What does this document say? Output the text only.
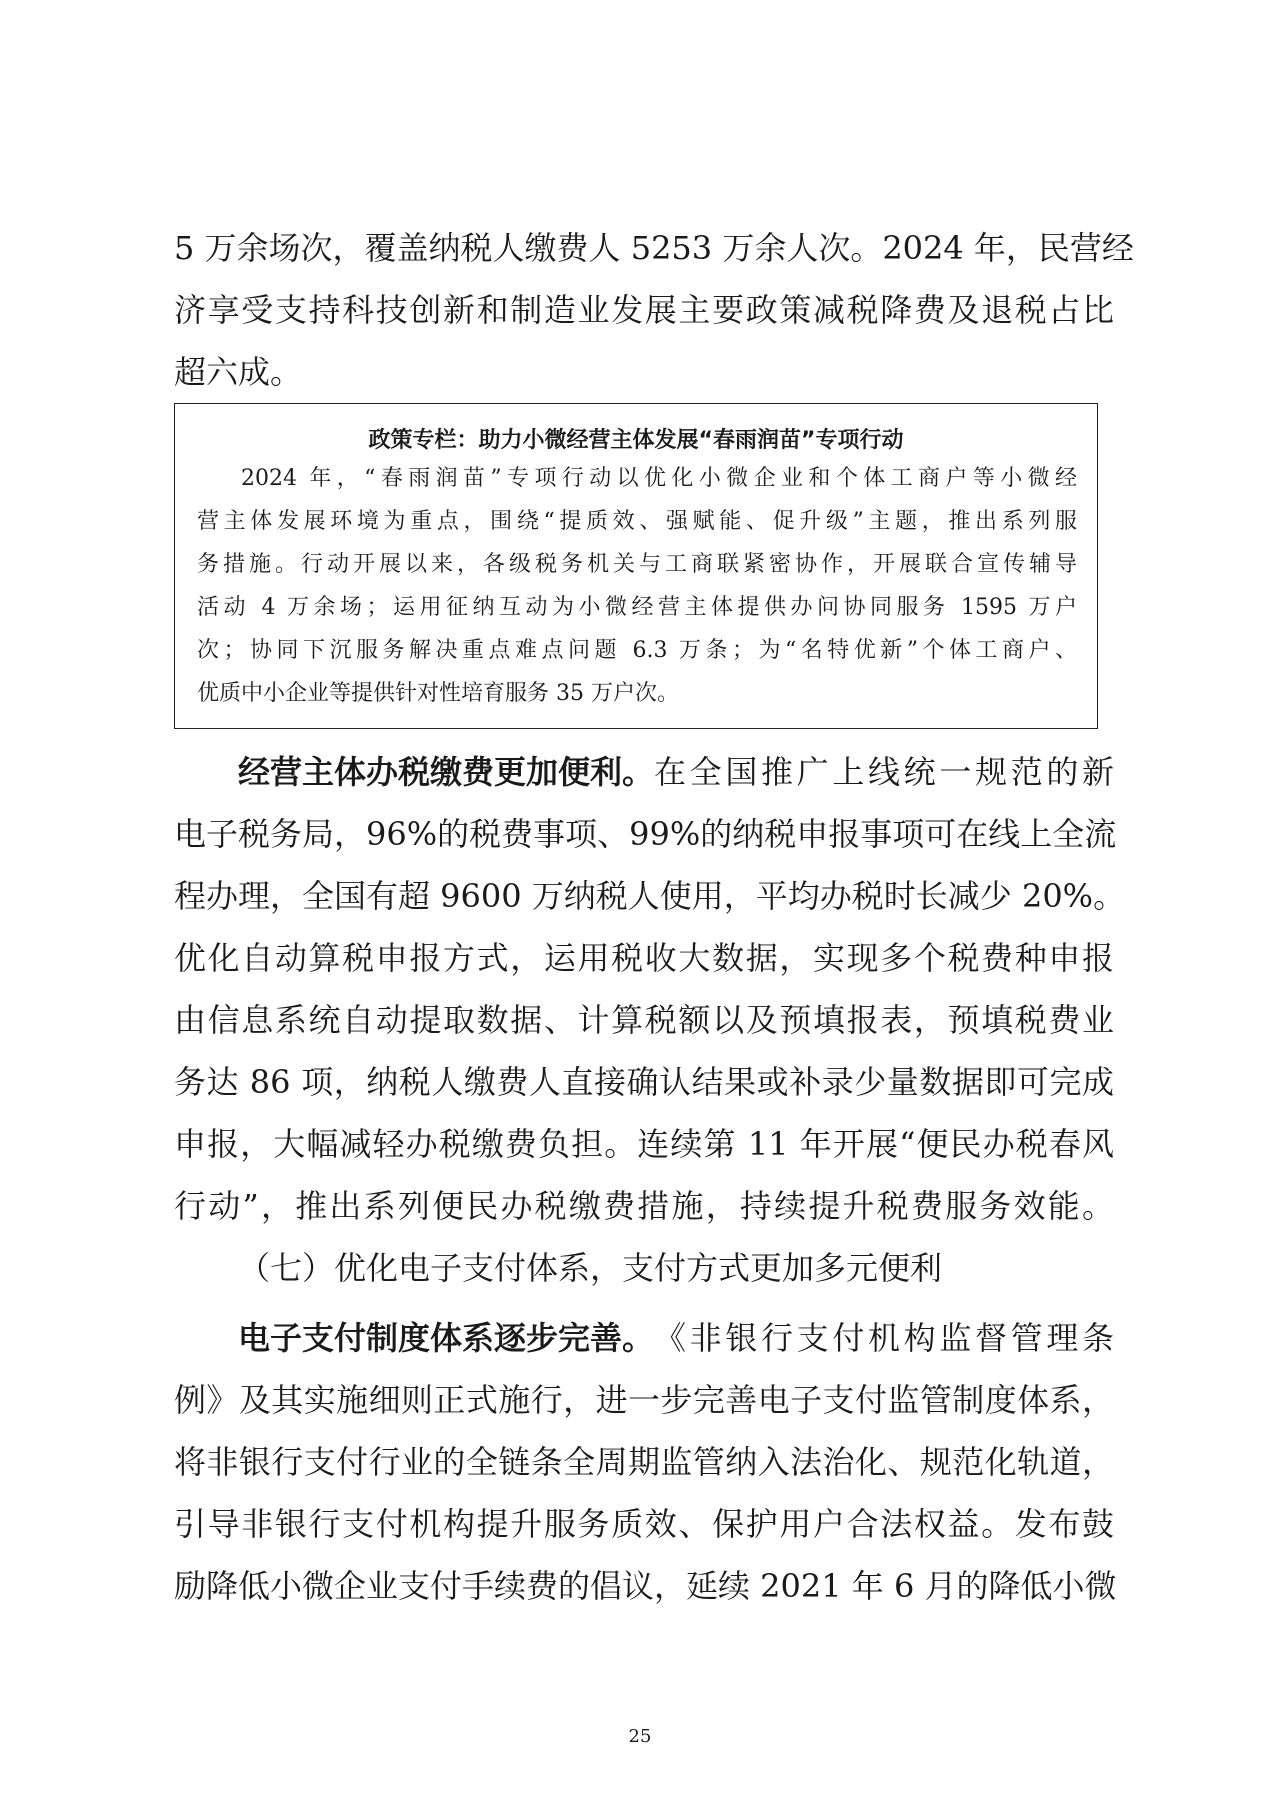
5 万余场次，覆盖纳税人缴费人 5253 万余人次。2024 年，民营经
济享受支持科技创新和制造业发展主要政策减税降费及退税占比
超六成。
政策专栏：助力小微经营主体发展“春雨润苗”专项行动
2024 年，“春雨润苗”专项行动以优化小微企业和个体工商户等小微经
营主体发展环境为重点，围绕“提质效、强赋能、促升级”主题，推出系列服
务措施。行动开展以来，各级税务机关与工商联紧密协作，开展联合宣传辅导
活动 4 万余场；运用征纳互动为小微经营主体提供办问协同服务 1595 万户
次；协同下沉服务解决重点难点问题 6.3 万条；为“名特优新”个体工商户、
优质中小企业等提供针对性培育服务 35 万户次。
经营主体办税缴费更加便利。 在全国推广上线统一规范的新
电子税务局，96%的税费事项、99%的纳税申报事项可在线上全流
程办理，全国有超 9600 万纳税人使用，平均办税时长减少 20%。
优化自动算税申报方式，运用税收大数据，实现多个税费种申报
由信息系统自动提取数据、计算税额以及预填报表，预填税费业
务达 86 项，纳税人缴费人直接确认结果或补录少量数据即可完成
申报，大幅减轻办税缴费负担。连续第 11 年开展“便民办税春风
行动”，推出系列便民办税缴费措施，持续提升税费服务效能。
（七）优化电子支付体系，支付方式更加多元便利
电子支付制度体系逐步完善。 《非银行支付机构监督管理条
例》及其实施细则正式施行，进一步完善电子支付监管制度体系，
将非银行支付行业的全链条全周期监管纳入法治化、规范化轨道，
引导非银行支付机构提升服务质效、保护用户合法权益。发布鼓
励降低小微企业支付手续费的倡议，延续 2021 年 6 月的降低小微
25
